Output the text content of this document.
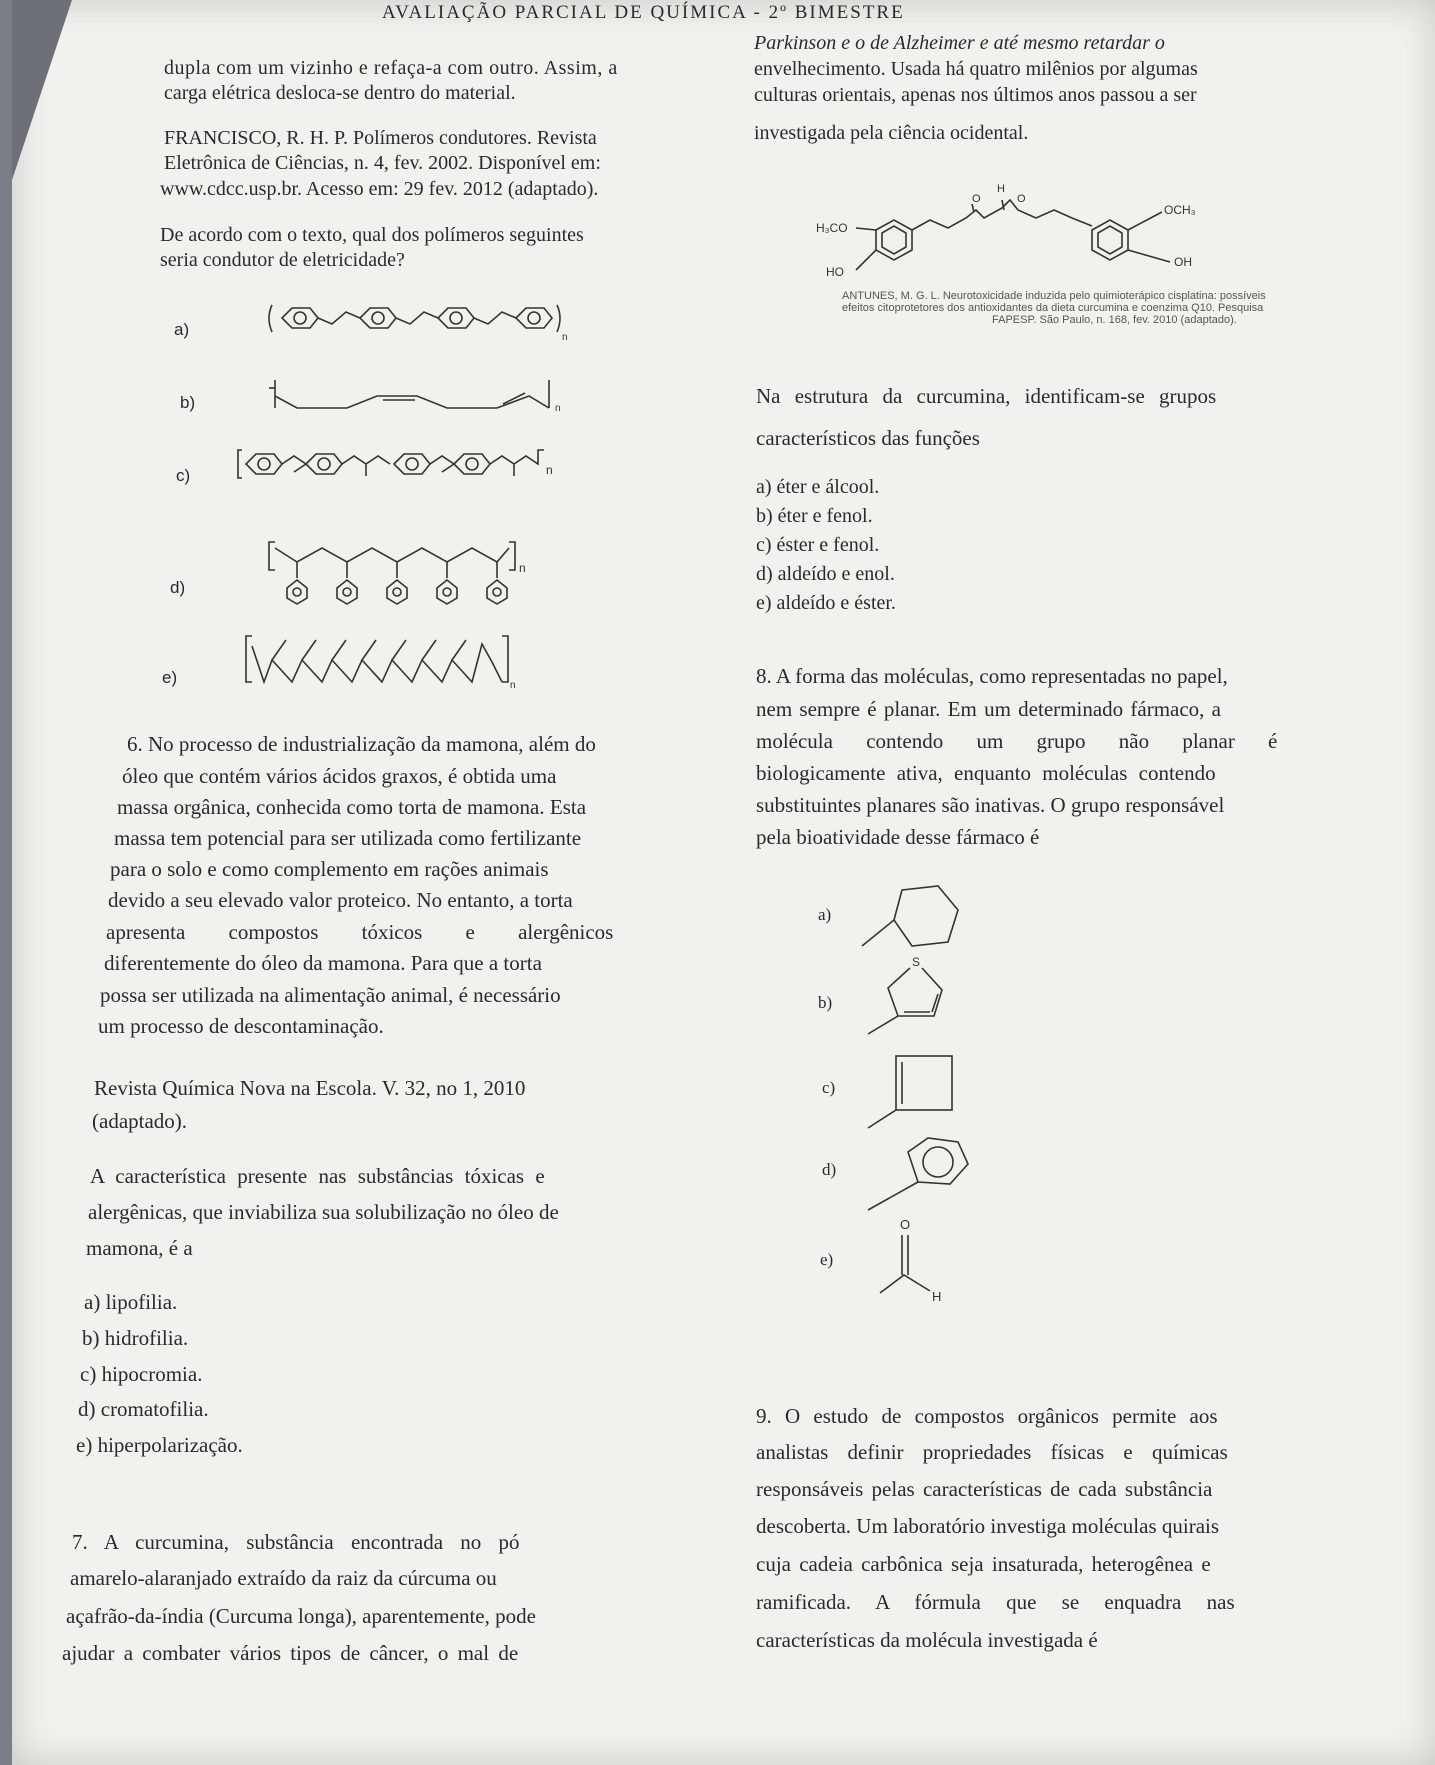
AVALIAÇÃO PARCIAL DE QUÍMICA - 2º BIMESTRE

dupla com um vizinho e refaça-a com outro. Assim, a

carga elétrica desloca-se dentro do material.

FRANCISCO, R. H. P. Polímeros condutores. Revista

Eletrônica de Ciências, n. 4, fev. 2002. Disponível em:

www.cdcc.usp.br. Acesso em: 29 fev. 2012 (adaptado).

De acordo com o texto, qual dos polímeros seguintes

seria condutor de eletricidade?

a)	n
b)	n
c)	n
d)
n
e)	n

6. No processo de industrialização da mamona, além do

óleo que contém vários ácidos graxos, é obtida uma

massa orgânica, conhecida como torta de mamona. Esta

massa tem potencial para ser utilizada como fertilizante

para o solo e como complemento em rações animais

devido a seu elevado valor proteico. No entanto, a torta

apresenta compostos tóxicos e alergênicos

diferentemente do óleo da mamona. Para que a torta

possa ser utilizada na alimentação animal, é necessário

um processo de descontaminação.

Revista Química Nova na Escola. V. 32, no 1, 2010

(adaptado).

A característica presente nas substâncias tóxicas e

alergênicas, que inviabiliza sua solubilização no óleo de

mamona, é a

a) lipofilia.

b) hidrofilia.

c) hipocromia.

d) cromatofilia.

e) hiperpolarização.

7. A curcumina, substância encontrada no pó

amarelo-alaranjado extraído da raiz da cúrcuma ou

açafrão-da-índia (Curcuma longa), aparentemente, pode

ajudar a combater vários tipos de câncer, o mal de

Parkinson e o de Alzheimer e até mesmo retardar o

envelhecimento. Usada há quatro milênios por algumas

culturas orientais, apenas nos últimos anos passou a ser

investigada pela ciência ocidental.

H
O
O
H₃CO
HO
OCH₃
OH

ANTUNES, M. G. L. Neurotoxicidade induzida pelo quimioterápico cisplatina: possíveis

efeitos citoprotetores dos antioxidantes da dieta curcumina e coenzima Q10. Pesquisa

FAPESP. São Paulo, n. 168, fev. 2010 (adaptado).

Na estrutura da curcumina, identificam-se grupos

característicos das funções

a) éter e álcool.

b) éter e fenol.

c) éster e fenol.

d) aldeído e enol.

e) aldeído e éster.

8. A forma das moléculas, como representadas no papel,

nem sempre é planar. Em um determinado fármaco, a

molécula contendo um grupo não planar é

biologicamente ativa, enquanto moléculas contendo

substituintes planares são inativas. O grupo responsável

pela bioatividade desse fármaco é

a)
b)
S
c)
d)
e)
O
H

9. O estudo de compostos orgânicos permite aos

analistas definir propriedades físicas e químicas

responsáveis pelas características de cada substância

descoberta. Um laboratório investiga moléculas quirais

cuja cadeia carbônica seja insaturada, heterogênea e

ramificada. A fórmula que se enquadra nas

características da molécula investigada é
